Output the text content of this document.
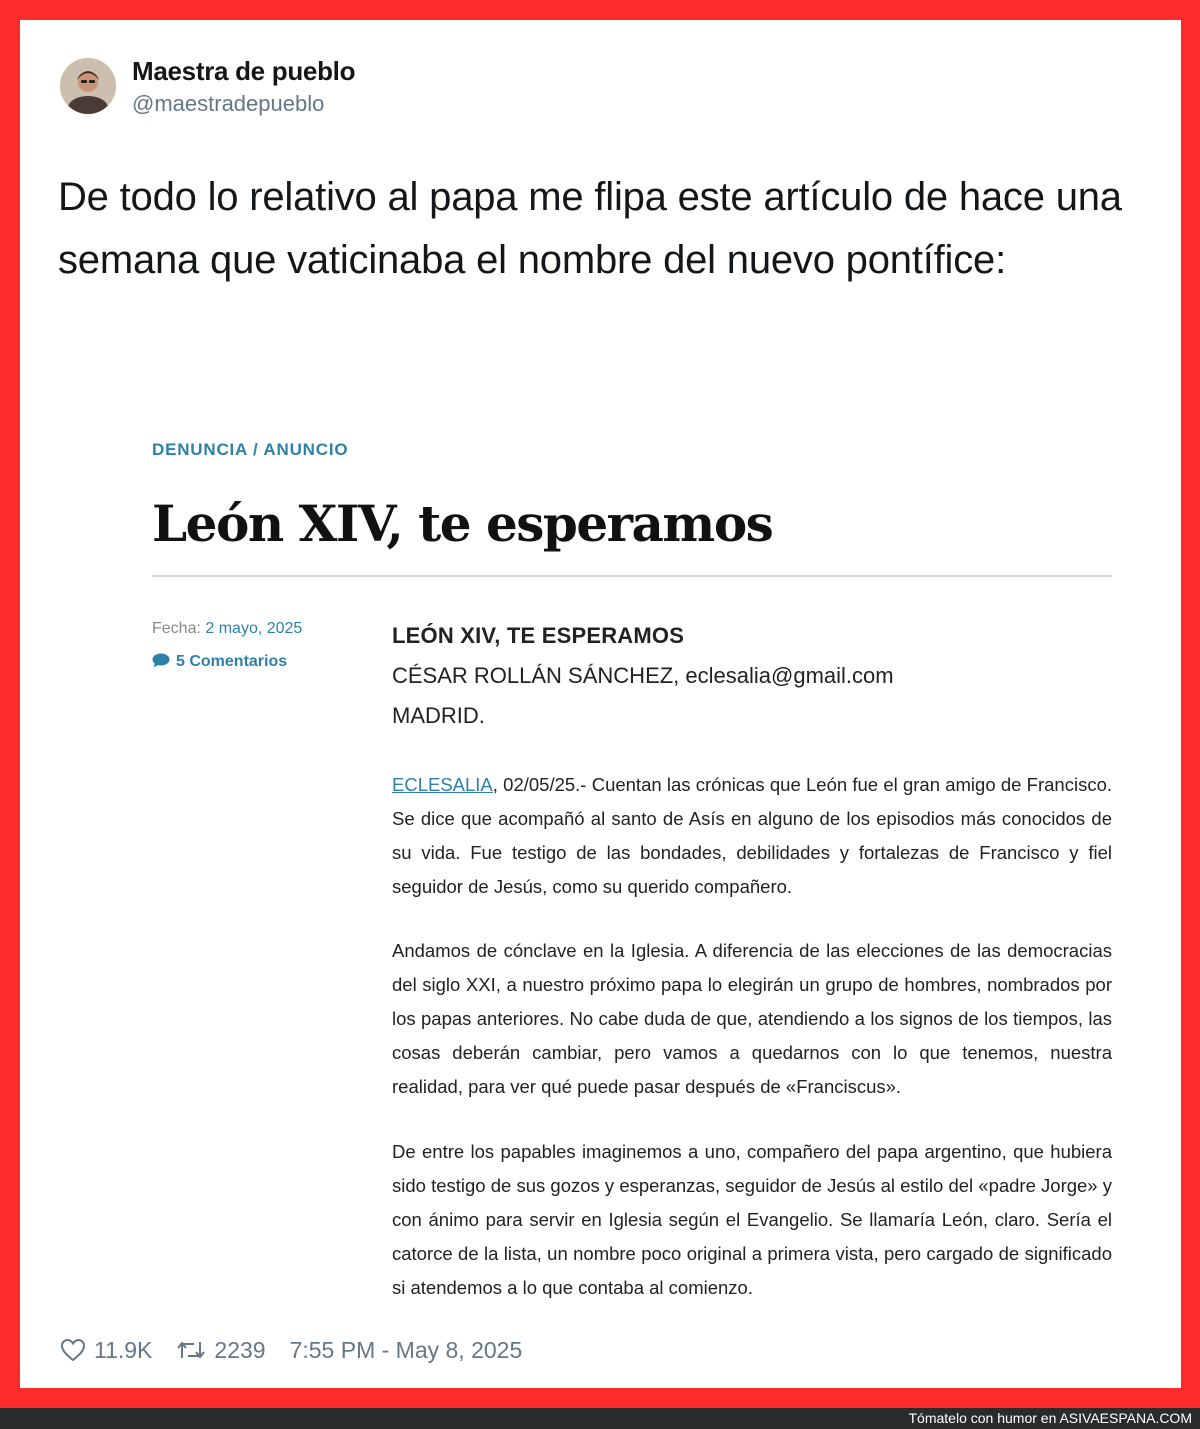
Maestra de pueblo
@maestradepueblo

De todo lo relativo al papa me flipa este artículo de hace una semana que vaticinaba el nombre del nuevo pontífice:

DENUNCIA / ANUNCIO
León XIV, te esperamos
Fecha: 2 mayo, 2025
5 Comentarios
LEÓN XIV, TE ESPERAMOS
CÉSAR ROLLÁN SÁNCHEZ, eclesalia@gmail.com
MADRID.

ECLESALIA, 02/05/25.- Cuentan las crónicas que León fue el gran amigo de Francisco. Se dice que acompañó al santo de Asís en alguno de los episodios más conocidos de su vida. Fue testigo de las bondades, debilidades y fortalezas de Francisco y fiel seguidor de Jesús, como su querido compañero.

Andamos de cónclave en la Iglesia. A diferencia de las elecciones de las democracias del siglo XXI, a nuestro próximo papa lo elegirán un grupo de hombres, nombrados por los papas anteriores. No cabe duda de que, atendiendo a los signos de los tiempos, las cosas deberán cambiar, pero vamos a quedarnos con lo que tenemos, nuestra realidad, para ver qué puede pasar después de «Franciscus».

De entre los papables imaginemos a uno, compañero del papa argentino, que hubiera sido testigo de sus gozos y esperanzas, seguidor de Jesús al estilo del «padre Jorge» y con ánimo para servir en Iglesia según el Evangelio. Se llamaría León, claro. Sería el catorce de la lista, un nombre poco original a primera vista, pero cargado de significado si atendemos a lo que contaba al comienzo.

11.9K	2239 7:55 PM - May 8, 2025
Tómatelo con humor en ASIVAESPANA.COM
